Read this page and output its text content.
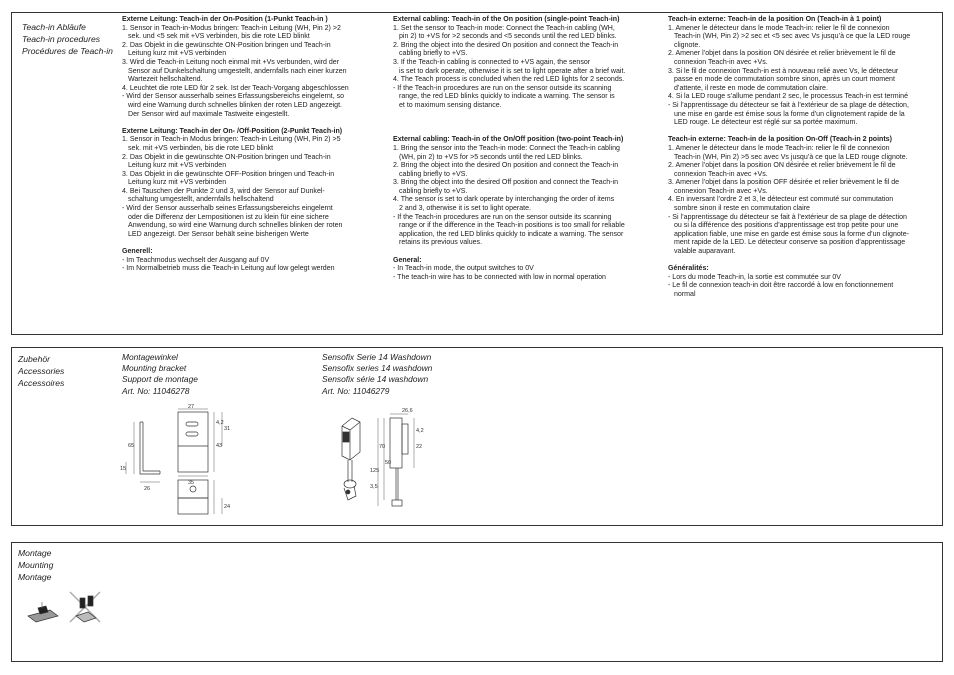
Teach-in Abläufe
Teach-in procedures
Procédures de Teach-in
Externe Leitung: Teach-in der On-Position (1-Punkt Teach-in )
1. Sensor in Teach-in-Modus bringen: Teach-in Leitung (WH, Pin 2) >2
sek. und <5 sek mit +VS verbinden, bis die rote LED blinkt
2. Das Objekt in die gewünschte ON-Position bringen und Teach-in
Leitung kurz mit +VS verbinden
3. Wird die Teach-in Leitung noch einmal mit +Vs verbunden, wird der
Sensor auf Dunkelschaltung umgestellt, andernfalls nach einer kurzen
Wartezeit hellschaltend.
4. Leuchtet die rote LED für 2 sek. Ist der Teach-Vorgang abgeschlossen
- Wird der Sensor ausserhalb seines Erfassungsbereichs eingelernt, so
wird eine Warnung durch schnelles blinken der roten LED angezeigt.
Der Sensor wird auf maximale Tastweite eingestellt.
Externe Leitung: Teach-in der On- /Off-Position (2-Punkt Teach-in)
1. Sensor in Teach-in Modus bringen: Teach-in Leitung (WH, Pin 2) >5
sek. mit +VS verbinden, bis die rote LED blinkt
2. Das Objekt in die gewünschte ON-Position bringen und Teach-in
Leitung kurz mit +VS verbinden
3. Das Objekt in die gewünschte OFF-Position bringen und Teach-in
Leitung kurz mit +VS verbinden
4. Bei Tauschen der Punkte 2 und 3, wird der Sensor auf Dunkel-
schaltung umgestellt, andernfalls hellschaltend
- Wird der Sensor ausserhalb seines Erfassungsbereichs eingelernt
oder die Differenz der Lernpositionen ist zu klein für eine sichere
Anwendung, so wird eine Warnung durch schnelles blinken der roten
LED angezeigt. Der Sensor behält seine bisherigen Werte
Generell:
- Im Teachmodus wechselt der Ausgang auf 0V
- Im Normalbetrieb muss die Teach-in Leitung auf low gelegt werden
External cabling: Teach-in of the On position (single-point Teach-in)
1. Set the sensor to Teach-in mode: Connect the Teach-in cabling (WH,
pin 2) to +VS for >2 seconds and <5 seconds until the red LED blinks.
2. Bring the object into the desired On position and connect the Teach-in
cabling briefly to +VS.
3. If the Teach-in cabling is connected to +VS again, the sensor
is set to dark operate, otherwise it is set to light operate after a brief wait.
4. The Teach process is concluded when the red LED lights for 2 seconds.
- If the Teach-in procedures are run on the sensor outside its scanning
range, the red LED blinks quickly to indicate a warning. The sensor is
et to maximum sensing distance.
External cabling: Teach-in of the On/Off position (two-point Teach-in)
1. Bring the sensor into the Teach-in mode: Connect the Teach-in cabling
(WH, pin 2) to +VS for >5 seconds until the red LED blinks.
2. Bring the object into the desired On position and connect the Teach-in
cabling briefly to +VS.
3. Bring the object into the desired Off position and connect the Teach-in
cabling briefly to +VS.
4. The sensor is set to dark operate by interchanging the order of items
2 and 3, otherwise it is set to light operate.
- If the Teach-in procedures are run on the sensor outside its scanning
range or if the difference in the Teach-in positions is too small for reliable
application, the red LED blinks quickly to indicate a warning. The sensor
retains its previous values.
General:
- In Teach-in mode, the output switches to 0V
- The teach-in wire has to be connected with low in normal operation
Teach-in externe: Teach-in de la position On (Teach-in à 1 point)
1. Amener le détecteur dans le mode Teach-in: relier le fil de connexion
Teach-in (WH, Pin 2) >2 sec et <5 sec avec Vs jusqu’à ce que la LED rouge
clignote.
2. Amener l’objet dans la position ON désirée et relier brièvement le fil de
connexion Teach-in avec +Vs.
3. Si le fil de connexion Teach-in est à nouveau relié avec Vs, le détecteur
passe en mode de commutation sombre sinon, après un court moment
d’attente, il reste en mode de commutation claire.
4. Si la LED rouge s’allume pendant 2 sec, le processus Teach-in est terminé
- Si l’apprentissage du détecteur se fait à l’extérieur de sa plage de détection,
une mise en garde est émise sous la forme d’un clignotement rapide de la
LED rouge. Le détecteur est réglé sur sa portée maximum.
Teach-in externe: Teach-in de la position On-Off (Teach-in 2 points)
1. Amener le détecteur dans le mode Teach-in: relier le fil de connexion
Teach-in (WH, Pin 2) >5 sec avec Vs jusqu’à ce que la LED rouge clignote.
2. Amener l’objet dans la position ON désirée et relier brièvement le fil de
connexion Teach-in avec +Vs.
3. Amener l’objet dans la position OFF désirée et relier brièvement le fil de
connexion Teach-in avec +Vs.
4. En inversant l’ordre 2 et 3, le détecteur est commuté sur commutation
sombre sinon il reste en commutation claire
- Si l’apprentissage du détecteur se fait à l’extérieur de sa plage de détection
ou si la différence des positions d’apprentissage est trop petite pour une
application fiable, une mise en garde est émise sous la forme d’un clignote-
ment rapide de la LED. Le détecteur conserve sa position d’apprentissage
valable auparavant.
Généralités:
- Lors du mode Teach-in, la sortie est commutée sur 0V
- Le fil de connexion teach-in doit être raccordé à low en fonctionnement
normal
Zubehör
Accessories
Accessoires
Montagewinkel
Mounting bracket
Support de montage
Art. No: 11046278
Sensofix Serie 14 Washdown
Sensofix series 14 washdown
Sensofix série 14 washdown
Art. No: 11046279
27
4,2
31
65	43
15
26
35
24
26,6
4,2
22
70
50
125
3,5
Montage
Mounting
Montage
